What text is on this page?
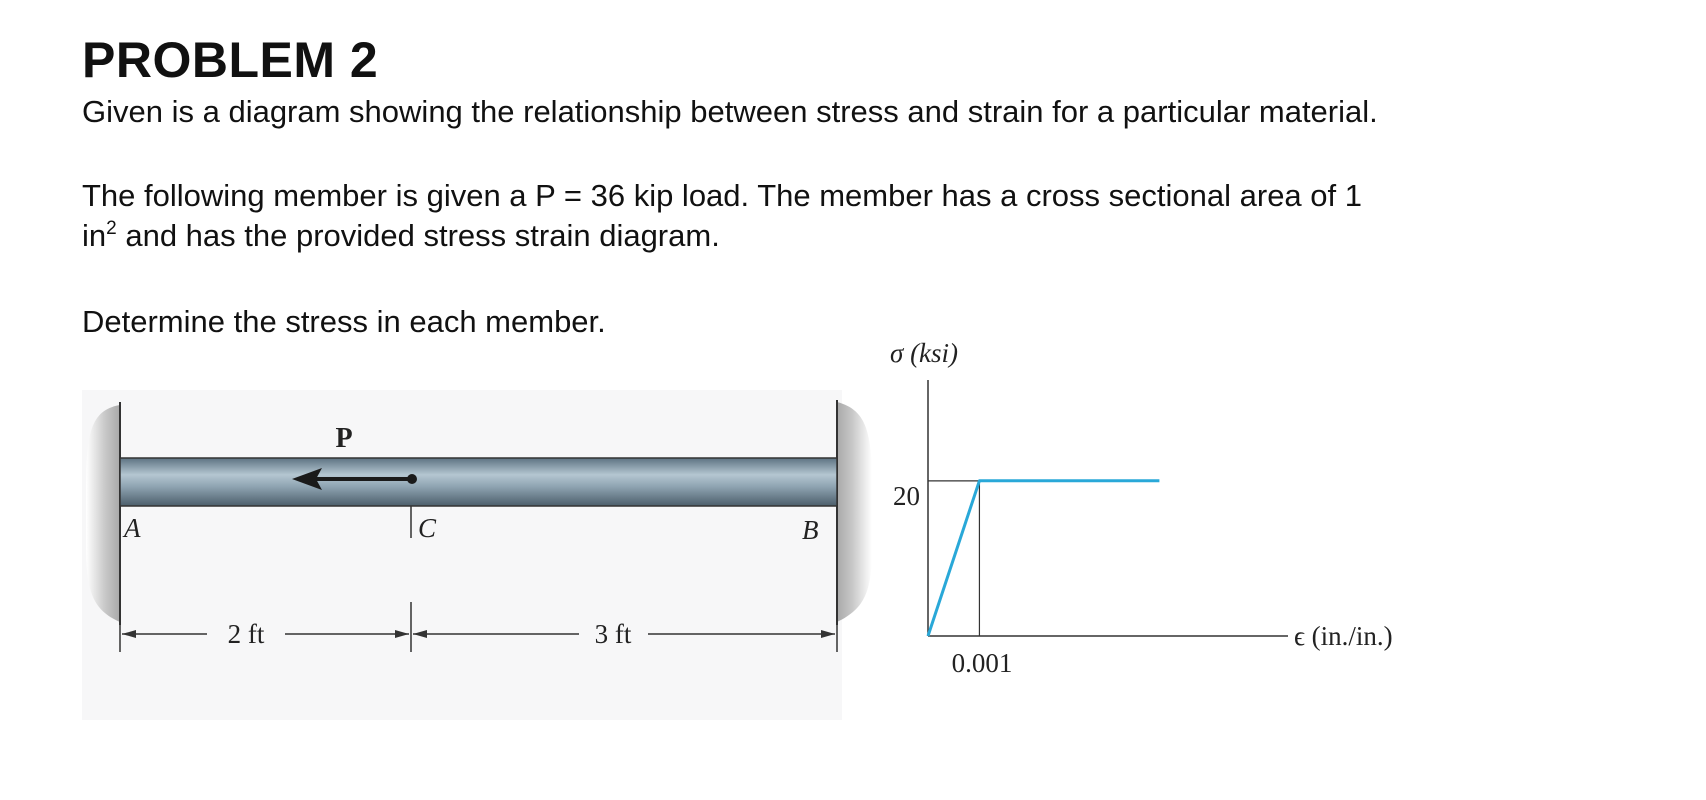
PROBLEM 2

Given is a diagram showing the relationship between stress and strain for a particular material.

The following member is given a P = 36 kip load. The member has a cross sectional area of 1

$in^2$ and has the provided stress strain diagram.

Determine the stress in each member.

P
A	C	B
2 ft	3 ft
σ (ksi)
ϵ (in./in.)
20
0.001
